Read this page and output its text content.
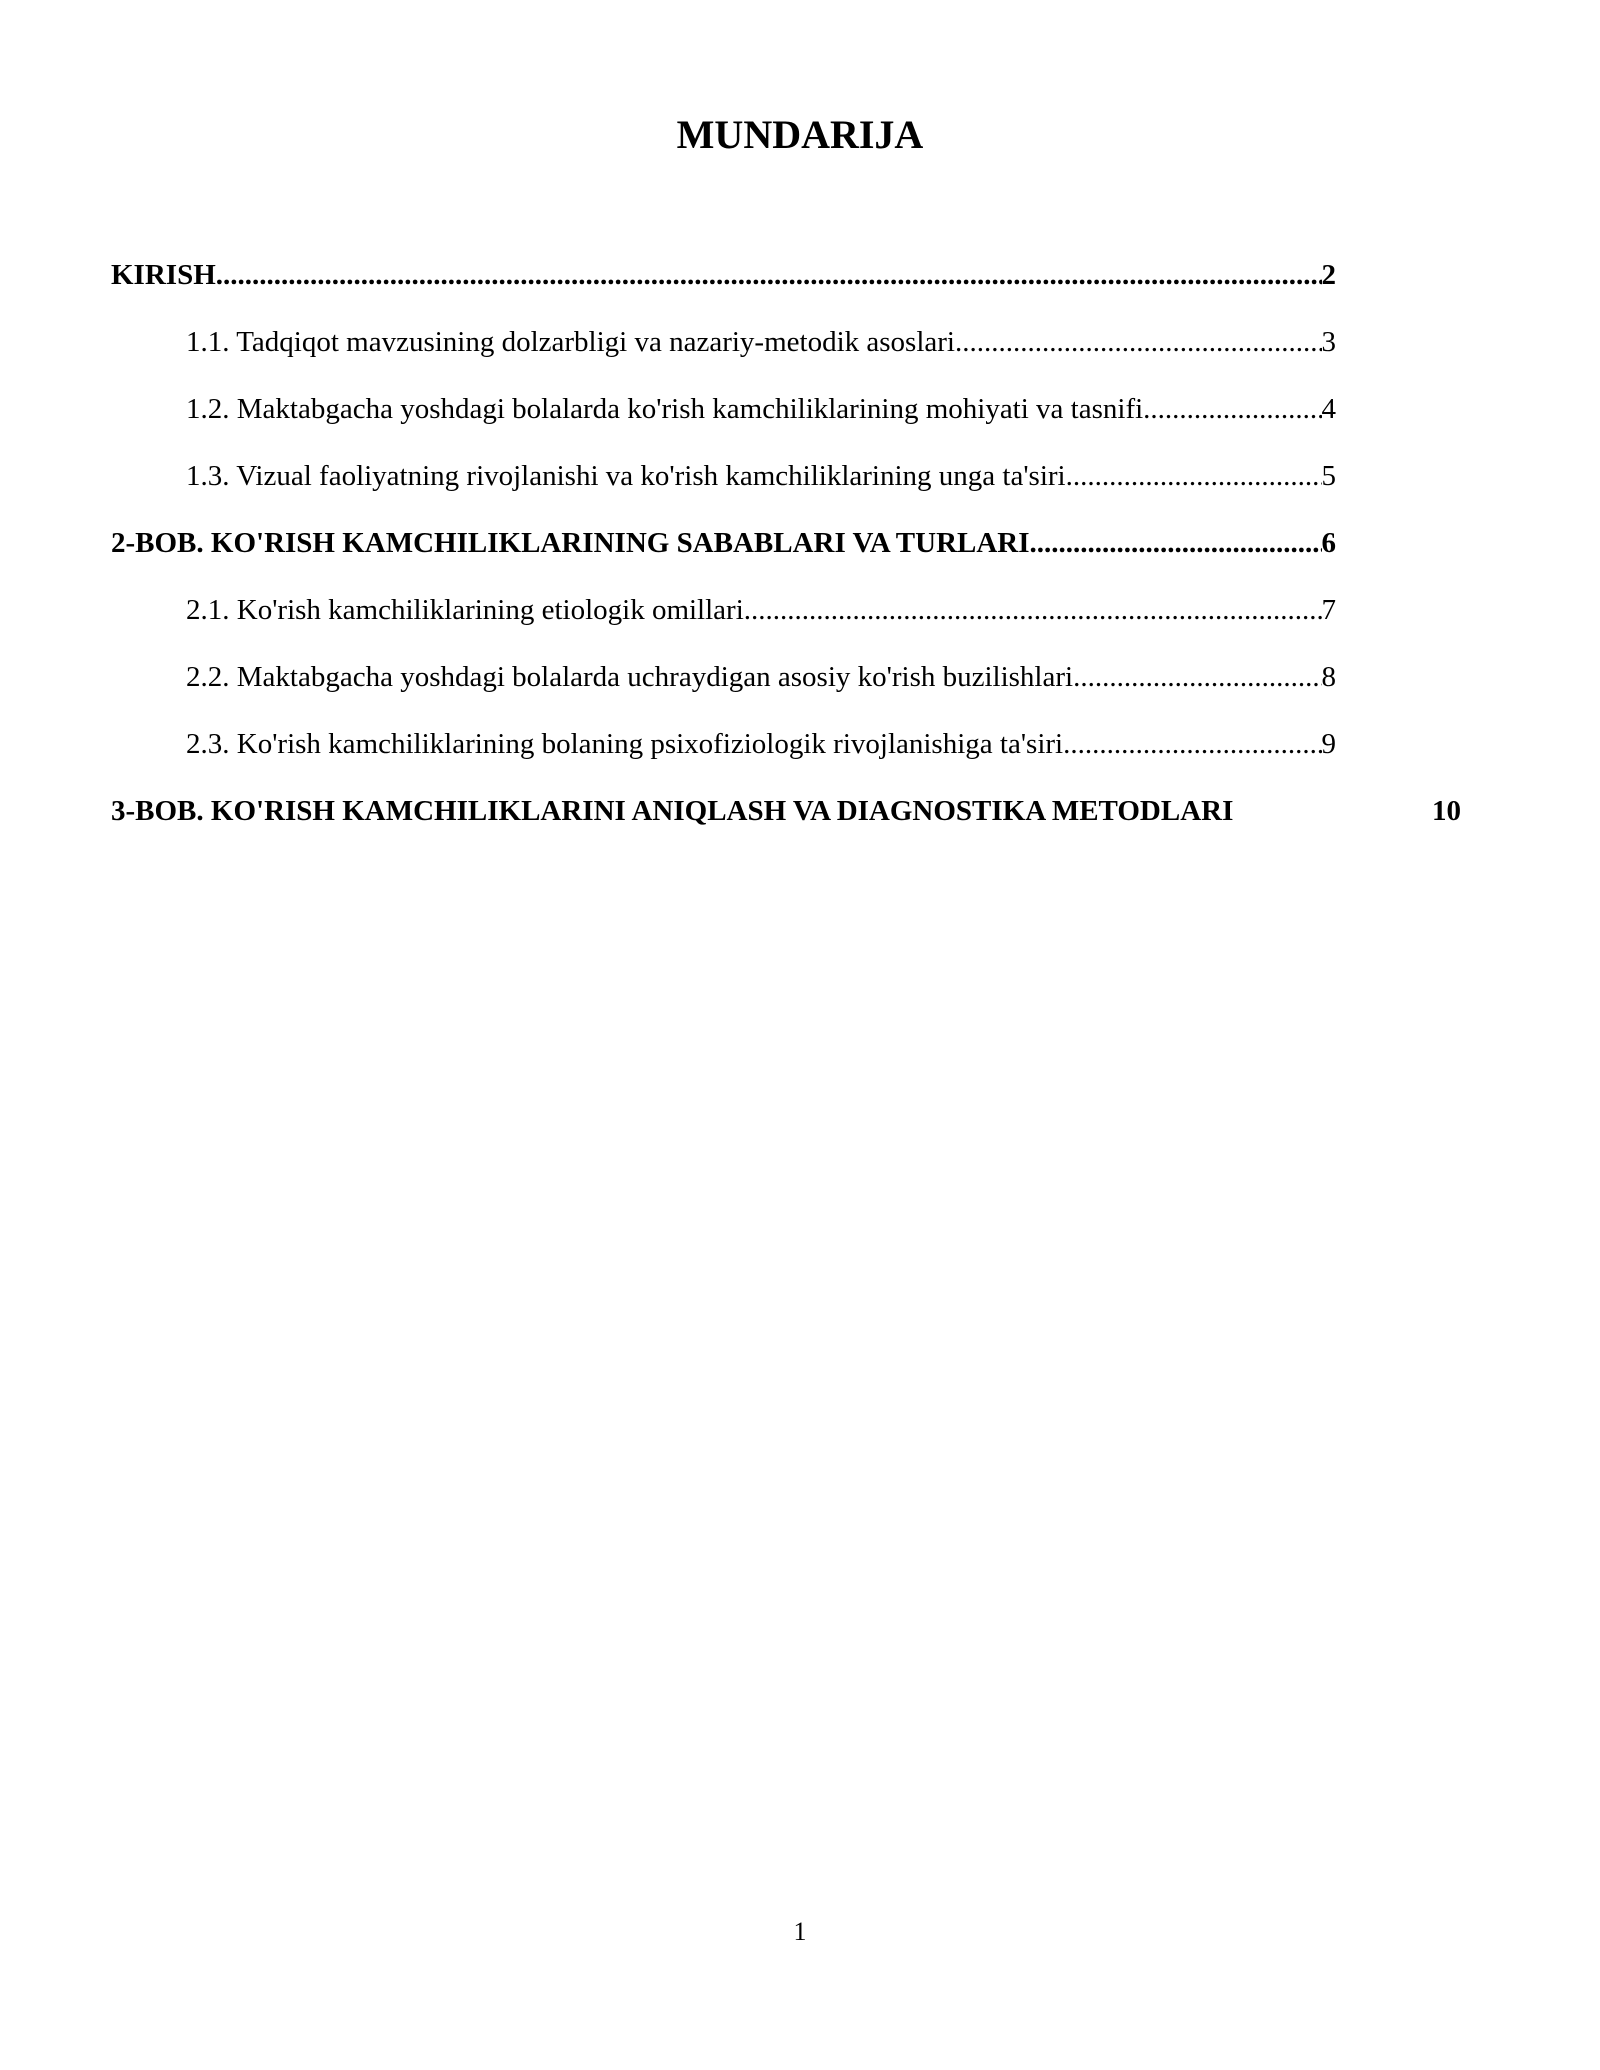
MUNDARIJA
KIRISH .....	2
1.1. Tadqiqot mavzusining dolzarbligi va nazariy-metodik asoslari .....	3
1.2. Maktabgacha yoshdagi bolalarda ko'rish kamchiliklarining mohiyati va tasnifi .....	4
1.3. Vizual faoliyatning rivojlanishi va ko'rish kamchiliklarining unga ta'siri .....	5
2-BOB. KO'RISH KAMCHILIKLARINING SABABLARI VA TURLARI .....	6
2.1. Ko'rish kamchiliklarining etiologik omillari .....	7
2.2. Maktabgacha yoshdagi bolalarda uchraydigan asosiy ko'rish buzilishlari .....	8
2.3. Ko'rish kamchiliklarining bolaning psixofiziologik rivojlanishiga ta'siri .....	9
3-BOB. KO'RISH KAMCHILIKLARINI ANIQLASH VA DIAGNOSTIKA METODLARI	10
1
